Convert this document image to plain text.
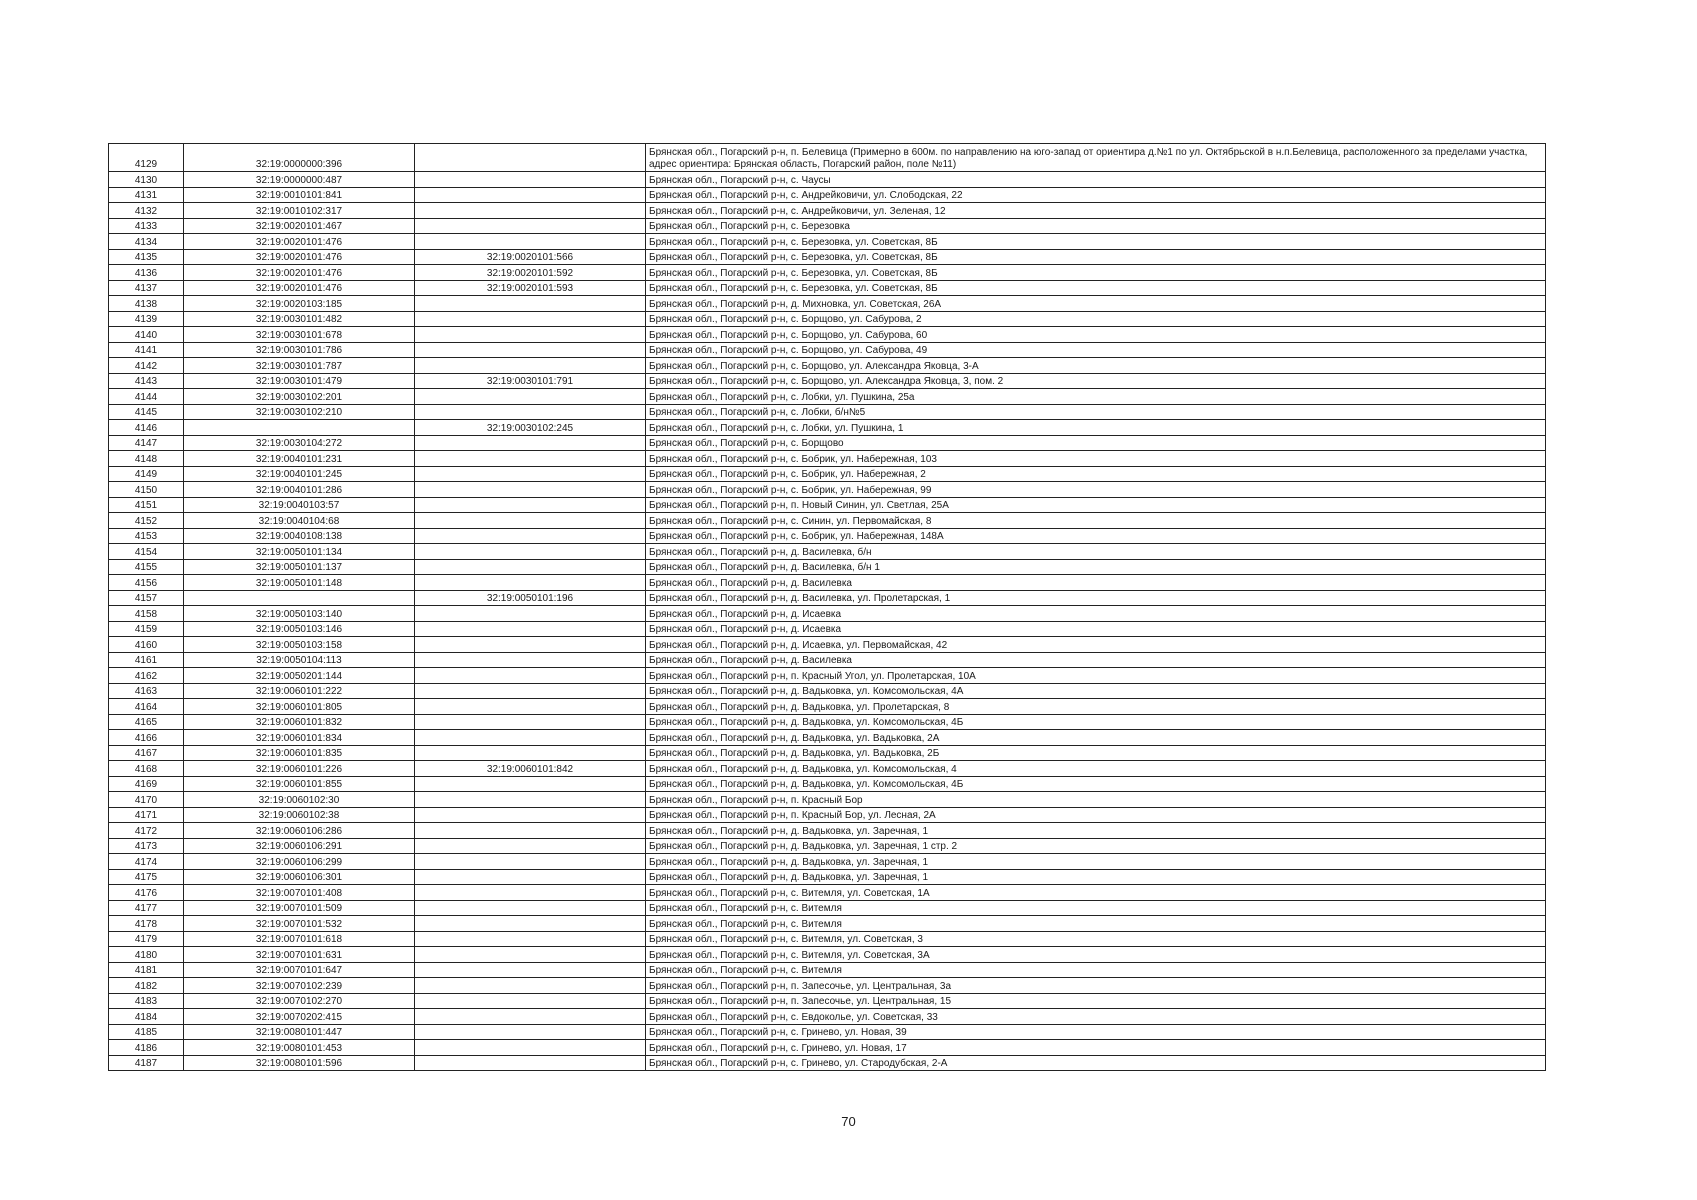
4129	32:19:0000000:396		Брянская обл., Погарский р-н, п. Белевица (Примерно в 600м. по направлению на юго-запад от ориентира д.№1 по ул. Октябрьской в н.п.Белевица, расположенного за пределами участка, адрес ориентира: Брянская область, Погарский район, поле №11)
4130	32:19:0000000:487		Брянская обл., Погарский р-н, с. Чаусы
4131	32:19:0010101:841		Брянская обл., Погарский р-н, с. Андрейковичи, ул. Слободская, 22
4132	32:19:0010102:317		Брянская обл., Погарский р-н, с. Андрейковичи, ул. Зеленая, 12
4133	32:19:0020101:467		Брянская обл., Погарский р-н, с. Березовка
4134	32:19:0020101:476		Брянская обл., Погарский р-н, с. Березовка, ул. Советская, 8Б
4135	32:19:0020101:476	32:19:0020101:566	Брянская обл., Погарский р-н, с. Березовка, ул. Советская, 8Б
4136	32:19:0020101:476	32:19:0020101:592	Брянская обл., Погарский р-н, с. Березовка, ул. Советская, 8Б
4137	32:19:0020101:476	32:19:0020101:593	Брянская обл., Погарский р-н, с. Березовка, ул. Советская, 8Б
4138	32:19:0020103:185		Брянская обл., Погарский р-н, д. Михновка, ул. Советская, 26А
4139	32:19:0030101:482		Брянская обл., Погарский р-н, с. Борщово, ул. Сабурова, 2
4140	32:19:0030101:678		Брянская обл., Погарский р-н, с. Борщово, ул. Сабурова, 60
4141	32:19:0030101:786		Брянская обл., Погарский р-н, с. Борщово, ул. Сабурова, 49
4142	32:19:0030101:787		Брянская обл., Погарский р-н, с. Борщово, ул. Александра Яковца, 3-А
4143	32:19:0030101:479	32:19:0030101:791	Брянская обл., Погарский р-н, с. Борщово, ул. Александра Яковца, 3, пом. 2
4144	32:19:0030102:201		Брянская обл., Погарский р-н, с. Лобки, ул. Пушкина, 25а
4145	32:19:0030102:210		Брянская обл., Погарский р-н, с. Лобки, б/н№5
4146		32:19:0030102:245	Брянская обл., Погарский р-н, с. Лобки, ул. Пушкина, 1
4147	32:19:0030104:272		Брянская обл., Погарский р-н, с. Борщово
4148	32:19:0040101:231		Брянская обл., Погарский р-н, с. Бобрик, ул. Набережная, 103
4149	32:19:0040101:245		Брянская обл., Погарский р-н, с. Бобрик, ул. Набережная, 2
4150	32:19:0040101:286		Брянская обл., Погарский р-н, с. Бобрик, ул. Набережная, 99
4151	32:19:0040103:57		Брянская обл., Погарский р-н, п. Новый Синин, ул. Светлая, 25А
4152	32:19:0040104:68		Брянская обл., Погарский р-н, с. Синин, ул. Первомайская, 8
4153	32:19:0040108:138		Брянская обл., Погарский р-н, с. Бобрик, ул. Набережная, 148А
4154	32:19:0050101:134		Брянская обл., Погарский р-н, д. Василевка, б/н
4155	32:19:0050101:137		Брянская обл., Погарский р-н, д. Василевка, б/н 1
4156	32:19:0050101:148		Брянская обл., Погарский р-н, д. Василевка
4157		32:19:0050101:196	Брянская обл., Погарский р-н, д. Василевка, ул. Пролетарская, 1
4158	32:19:0050103:140		Брянская обл., Погарский р-н, д. Исаевка
4159	32:19:0050103:146		Брянская обл., Погарский р-н, д. Исаевка
4160	32:19:0050103:158		Брянская обл., Погарский р-н, д. Исаевка, ул. Первомайская, 42
4161	32:19:0050104:113		Брянская обл., Погарский р-н, д. Василевка
4162	32:19:0050201:144		Брянская обл., Погарский р-н, п. Красный Угол, ул. Пролетарская, 10А
4163	32:19:0060101:222		Брянская обл., Погарский р-н, д. Вадьковка, ул. Комсомольская, 4А
4164	32:19:0060101:805		Брянская обл., Погарский р-н, д. Вадьковка, ул. Пролетарская, 8
4165	32:19:0060101:832		Брянская обл., Погарский р-н, д. Вадьковка, ул. Комсомольская, 4Б
4166	32:19:0060101:834		Брянская обл., Погарский р-н, д. Вадьковка, ул. Вадьковка, 2А
4167	32:19:0060101:835		Брянская обл., Погарский р-н, д. Вадьковка, ул. Вадьковка, 2Б
4168	32:19:0060101:226	32:19:0060101:842	Брянская обл., Погарский р-н, д. Вадьковка, ул. Комсомольская, 4
4169	32:19:0060101:855		Брянская обл., Погарский р-н, д. Вадьковка, ул. Комсомольская, 4Б
4170	32:19:0060102:30		Брянская обл., Погарский р-н, п. Красный Бор
4171	32:19:0060102:38		Брянская обл., Погарский р-н, п. Красный Бор, ул. Лесная, 2А
4172	32:19:0060106:286		Брянская обл., Погарский р-н, д. Вадьковка, ул. Заречная, 1
4173	32:19:0060106:291		Брянская обл., Погарский р-н, д. Вадьковка, ул. Заречная, 1 стр. 2
4174	32:19:0060106:299		Брянская обл., Погарский р-н, д. Вадьковка, ул. Заречная, 1
4175	32:19:0060106:301		Брянская обл., Погарский р-н, д. Вадьковка, ул. Заречная, 1
4176	32:19:0070101:408		Брянская обл., Погарский р-н, с. Витемля, ул. Советская, 1А
4177	32:19:0070101:509		Брянская обл., Погарский р-н, с. Витемля
4178	32:19:0070101:532		Брянская обл., Погарский р-н, с. Витемля
4179	32:19:0070101:618		Брянская обл., Погарский р-н, с. Витемля, ул. Советская, 3
4180	32:19:0070101:631		Брянская обл., Погарский р-н, с. Витемля, ул. Советская, 3А
4181	32:19:0070101:647		Брянская обл., Погарский р-н, с. Витемля
4182	32:19:0070102:239		Брянская обл., Погарский р-н, п. Запесочье, ул. Центральная, 3а
4183	32:19:0070102:270		Брянская обл., Погарский р-н, п. Запесочье, ул. Центральная, 15
4184	32:19:0070202:415		Брянская обл., Погарский р-н, с. Евдоколье, ул. Советская, 33
4185	32:19:0080101:447		Брянская обл., Погарский р-н, с. Гринево, ул. Новая, 39
4186	32:19:0080101:453		Брянская обл., Погарский р-н, с. Гринево, ул. Новая, 17
4187	32:19:0080101:596		Брянская обл., Погарский р-н, с. Гринево, ул. Стародубская, 2-А
70
